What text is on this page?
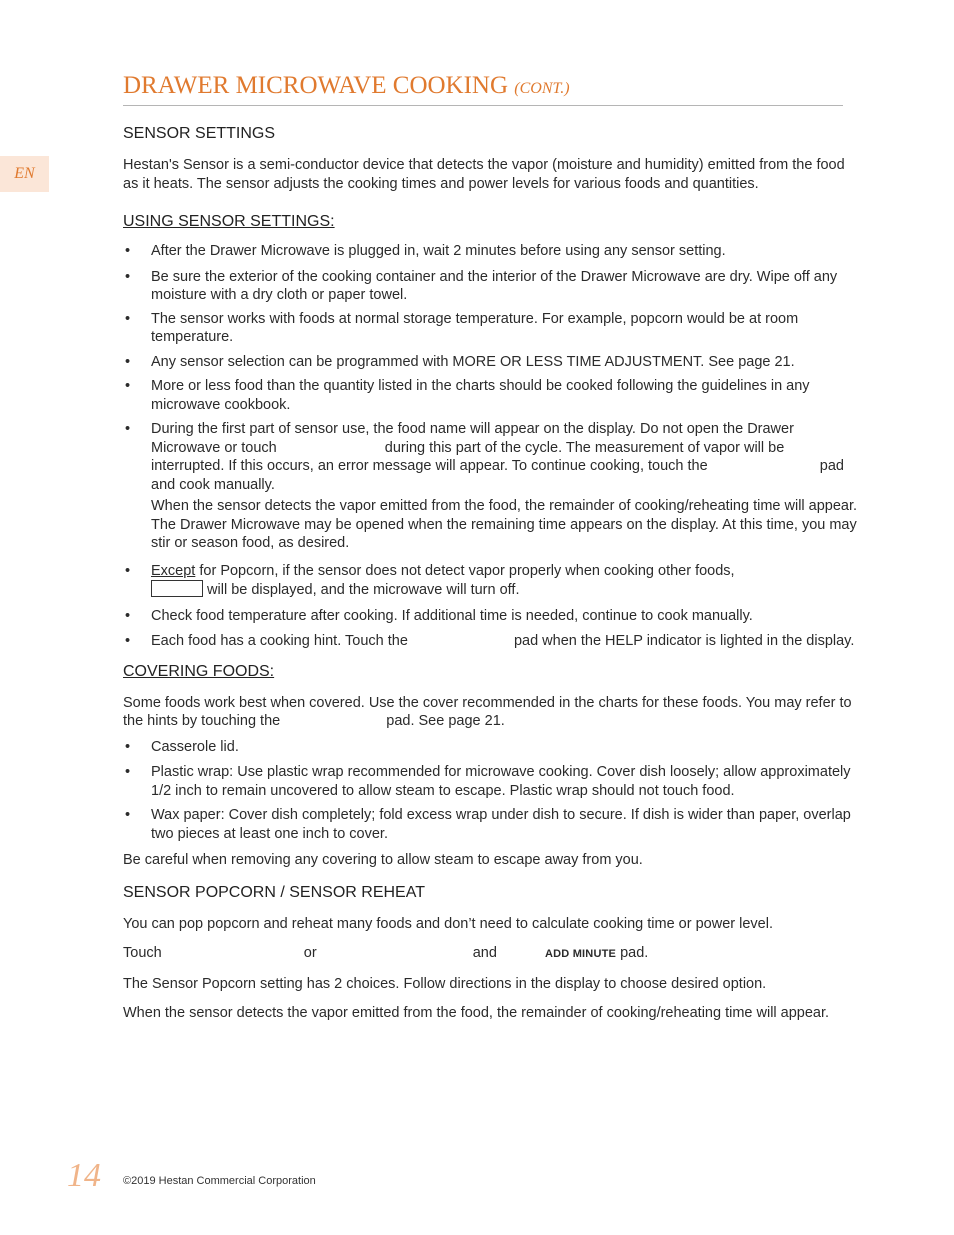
EN
DRAWER MICROWAVE COOKING (CONT.)
SENSOR SETTINGS

Hestan's Sensor is a semi-conductor device that detects the vapor (moisture and humidity) emitted from the food as it heats. The sensor adjusts the cooking times and power levels for various foods and quantities.

USING SENSOR SETTINGS:
• After the Drawer Microwave is plugged in, wait 2 minutes before using any sensor setting.
• Be sure the exterior of the cooking container and the interior of the Drawer Microwave are dry. Wipe off any moisture with a dry cloth or paper towel.
• The sensor works with foods at normal storage temperature. For example, popcorn would be at room temperature.
• Any sensor selection can be programmed with MORE OR LESS TIME ADJUSTMENT. See page 21.
• More or less food than the quantity listed in the charts should be cooked following the guidelines in any microwave cookbook.
• During the first part of sensor use, the food name will appear on the display. Do not open the Drawer Microwave or touch	during this part of the cycle. The measurement of vapor will be interrupted. If this occurs, an error message will appear. To continue cooking, touch the	pad and cook manually.
When the sensor detects the vapor emitted from the food, the remainder of cooking/reheating time will appear. The Drawer Microwave may be opened when the remaining time appears on the display. At this time, you may stir or season food, as desired.
• Except for Popcorn, if the sensor does not detect vapor properly when cooking other foods,
will be displayed, and the microwave will turn off.
• Check food temperature after cooking. If additional time is needed, continue to cook manually.
• Each food has a cooking hint. Touch the	pad when the HELP indicator is lighted in the display.
COVERING FOODS:

Some foods work best when covered. Use the cover recommended in the charts for these foods. You may refer to the hints by touching the	pad. See page 21.

• Casserole lid.
• Plastic wrap: Use plastic wrap recommended for microwave cooking. Cover dish loosely; allow approximately 1/2 inch to remain uncovered to allow steam to escape. Plastic wrap should not touch food.
• Wax paper: Cover dish completely; fold excess wrap under dish to secure. If dish is wider than paper, overlap two pieces at least one inch to cover.

Be careful when removing any covering to allow steam to escape away from you.

SENSOR POPCORN / SENSOR REHEAT

You can pop popcorn and reheat many foods and don’t need to calculate cooking time or power level.

Touch	or	and	ADD MINUTE pad.

The Sensor Popcorn setting has 2 choices. Follow directions in the display to choose desired option.

When the sensor detects the vapor emitted from the food, the remainder of cooking/reheating time will appear.

14 ©2019 Hestan Commercial Corporation
